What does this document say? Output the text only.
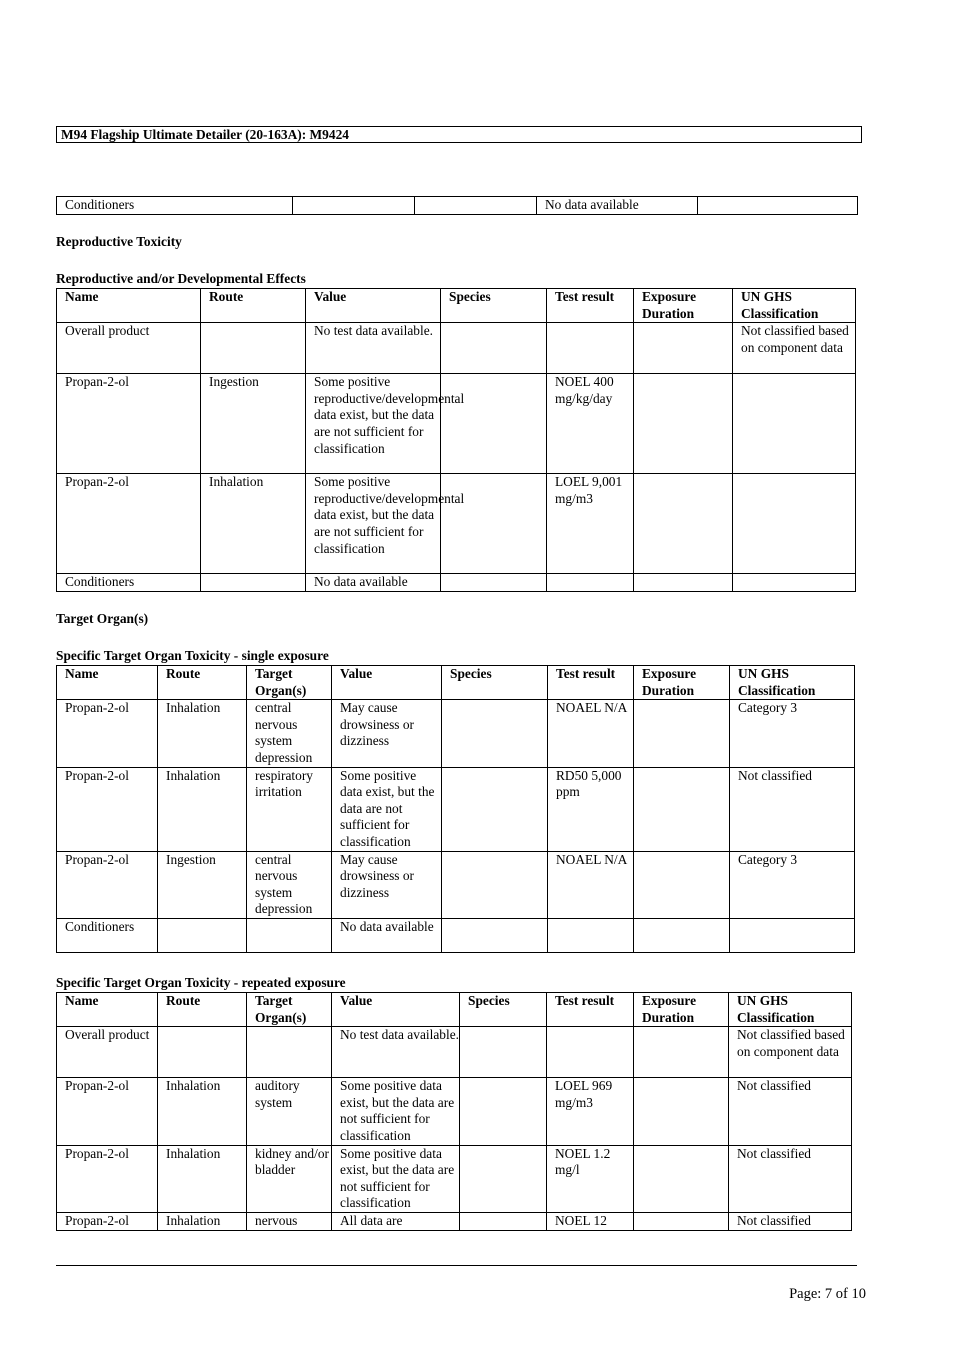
M94 Flagship Ultimate Detailer (20-163A): M9424
Conditioners			No data available	
Reproductive Toxicity
Reproductive and/or Developmental Effects
Name	Route	Value	Species	Test result	Exposure Duration	UN GHS Classification
Overall product		No test data available.				Not classified based on component data
Propan-2-ol	Ingestion	Some positive reproductive/developmental data exist, but the data are not sufficient for classification		NOEL 400 mg/kg/day		
Propan-2-ol	Inhalation	Some positive reproductive/developmental data exist, but the data are not sufficient for classification		LOEL 9,001 mg/m3		
Conditioners		No data available				
Target Organ(s)
Specific Target Organ Toxicity - single exposure
Name	Route	Target Organ(s)	Value	Species	Test result	Exposure Duration	UN GHS Classification
Propan-2-ol	Inhalation	central nervous system depression	May cause drowsiness or dizziness		NOAEL N/A		Category 3
Propan-2-ol	Inhalation	respiratory irritation	Some positive data exist, but the data are not sufficient for classification		RD50 5,000 ppm		Not classified
Propan-2-ol	Ingestion	central nervous system depression	May cause drowsiness or dizziness		NOAEL N/A		Category 3
Conditioners			No data available				
Specific Target Organ Toxicity - repeated exposure
Name	Route	Target Organ(s)	Value	Species	Test result	Exposure Duration	UN GHS Classification
Overall product			No test data available.				Not classified based on component data
Propan-2-ol	Inhalation	auditory system	Some positive data exist, but the data are not sufficient for classification		LOEL 969 mg/m3		Not classified
Propan-2-ol	Inhalation	kidney and/or bladder	Some positive data exist, but the data are not sufficient for classification		NOEL 1.2 mg/l		Not classified
Propan-2-ol	Inhalation	nervous	All data are		NOEL 12		Not classified
Page: 7 of 10
